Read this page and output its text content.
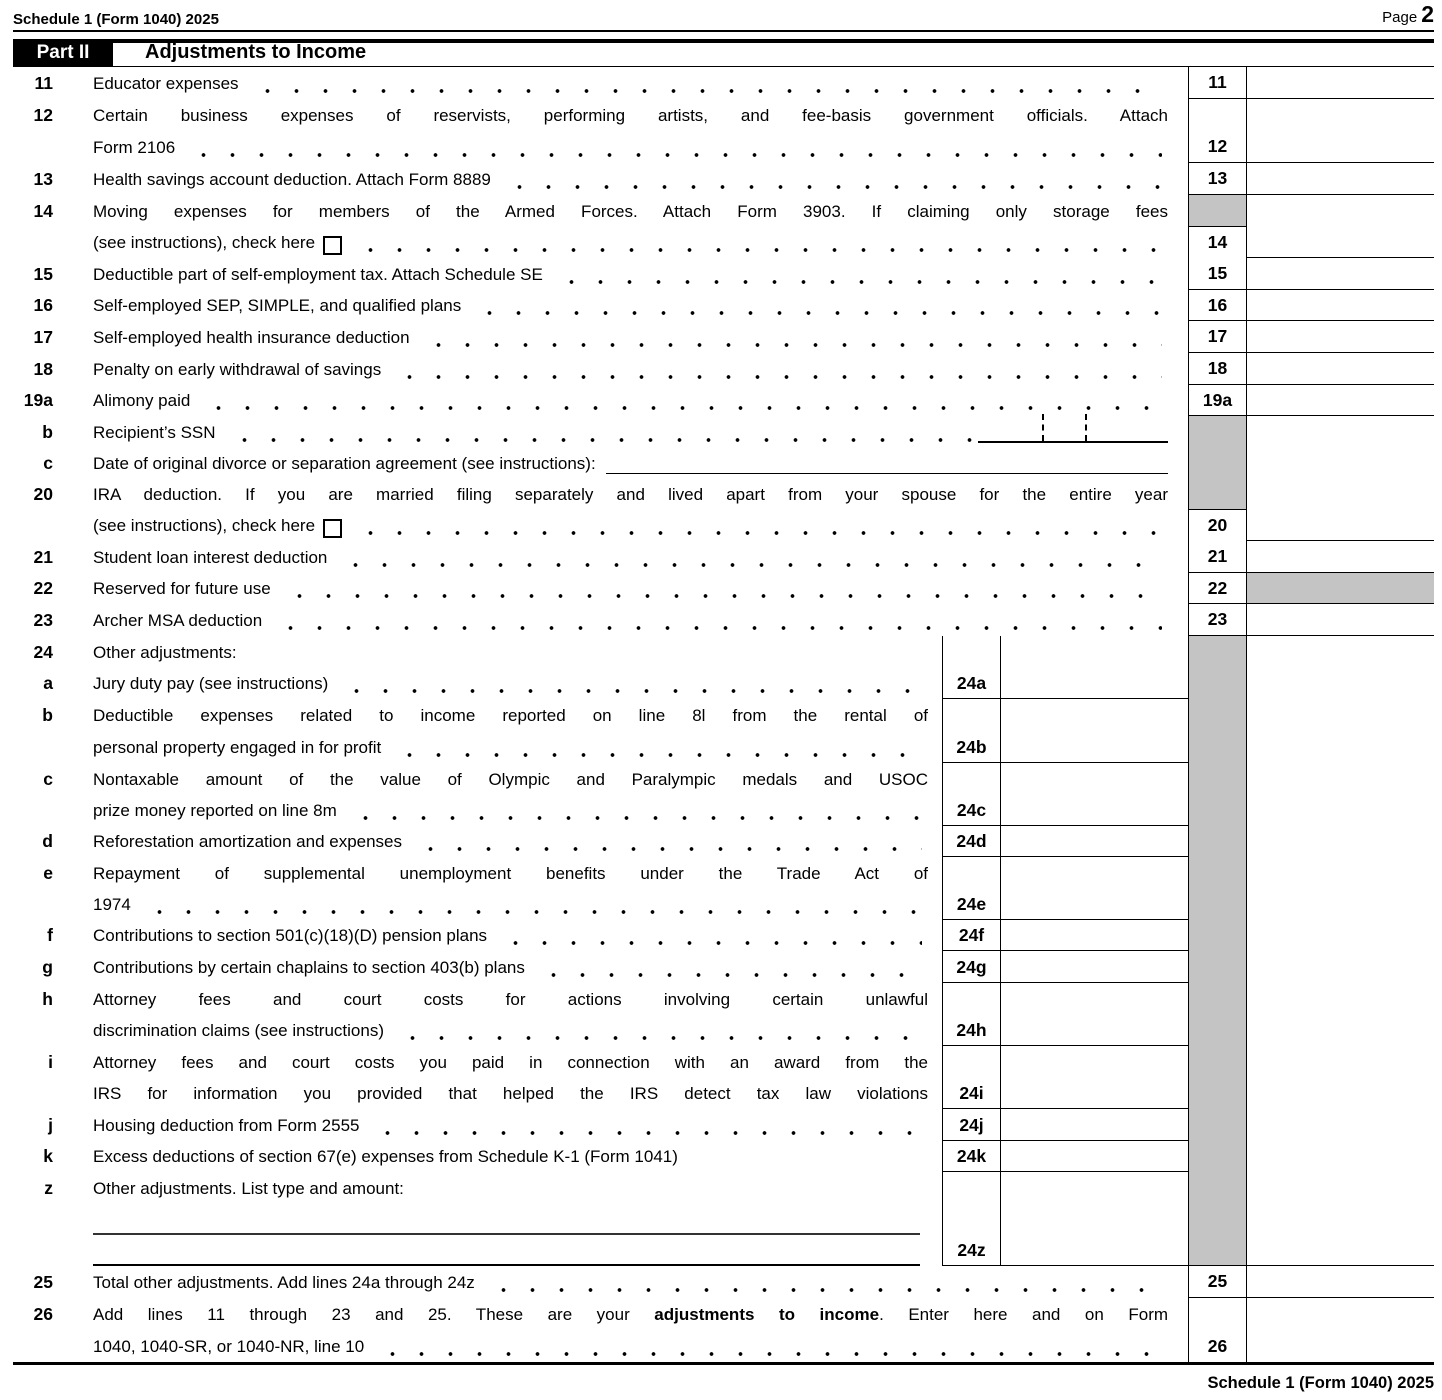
Schedule 1 (Form 1040) 2025	Page 2
Part II	Adjustments to Income
11 Educator expenses	11
12 Certain business expenses of reservists, performing artists, and fee-basis government officials. Attach
Form 2106	12
13 Health savings account deduction. Attach Form 8889	13
14 Moving expenses for members of the Armed Forces. Attach Form 3903. If claiming only storage fees
(see instructions), check here	14
15 Deductible part of self-employment tax. Attach Schedule SE	15
16 Self-employed SEP, SIMPLE, and qualified plans	16
17 Self-employed health insurance deduction	17
18 Penalty on early withdrawal of savings	18
19a Alimony paid	19a
b Recipient’s SSN
c Date of original divorce or separation agreement (see instructions):
20 IRA deduction. If you are married filing separately and lived apart from your spouse for the entire year
(see instructions), check here	20
21 Student loan interest deduction	21
22 Reserved for future use	22
23 Archer MSA deduction	23
24 Other adjustments:
a Jury duty pay (see instructions)	24a
b Deductible expenses related to income reported on line 8l from the rental of
personal property engaged in for profit	24b
c Nontaxable amount of the value of Olympic and Paralympic medals and USOC
prize money reported on line 8m	24c
d Reforestation amortization and expenses	24d
e Repayment of supplemental unemployment benefits under the Trade Act of
1974	24e
f Contributions to section 501(c)(18)(D) pension plans	24f
g Contributions by certain chaplains to section 403(b) plans	24g
h Attorney fees and court costs for actions involving certain unlawful
discrimination claims (see instructions)	24h
i Attorney fees and court costs you paid in connection with an award from the
IRS for information you provided that helped the IRS detect tax law violations	24i
j Housing deduction from Form 2555	24j
k Excess deductions of section 67(e) expenses from Schedule K-1 (Form 1041)	24k
z Other adjustments. List type and amount:
24z
25 Total other adjustments. Add lines 24a through 24z	25
26 Add lines 11 through 23 and 25. These are your adjustments to income. Enter here and on Form
1040, 1040-SR, or 1040-NR, line 10	26
Schedule 1 (Form 1040) 2025
